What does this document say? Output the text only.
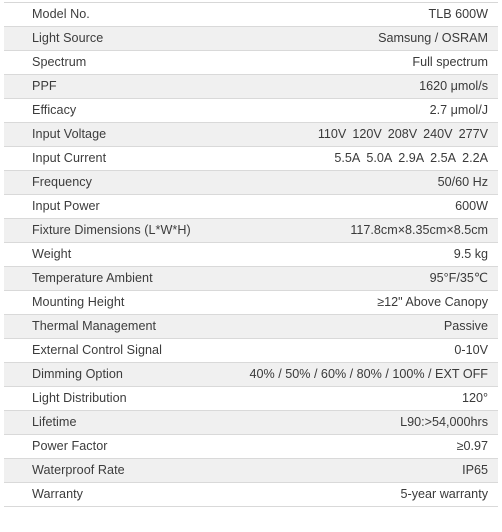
Model No.	TLB 600W
Light Source	Samsung / OSRAM
Spectrum	Full spectrum
PPF	1620 μmol/s
Efficacy	2.7 μmol/J
Input Voltage	110V 120V 208V 240V 277V
Input Current	5.5A 5.0A 2.9A 2.5A 2.2A
Frequency	50/60 Hz
Input Power	600W
Fixture Dimensions (L*W*H)	117.8cm×8.35cm×8.5cm
Weight	9.5 kg
Temperature Ambient	95°F/35℃
Mounting Height	≥12" Above Canopy
Thermal Management	Passive
External Control Signal	0-10V
Dimming Option	40% / 50% / 60% / 80% / 100% / EXT OFF
Light Distribution	120°
Lifetime	L90:>54,000hrs
Power Factor	≥0.97
Waterproof Rate	IP65
Warranty	5-year warranty
